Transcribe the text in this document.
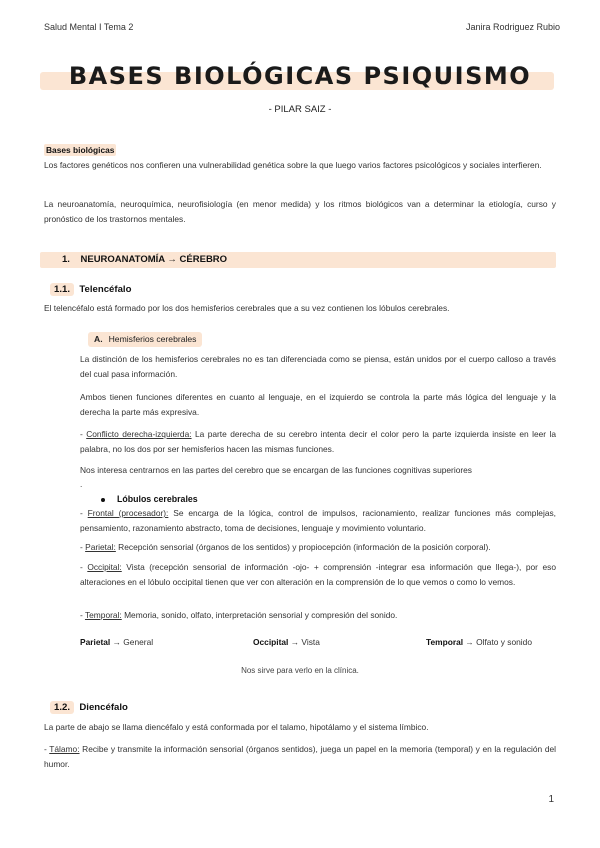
Salud Mental I Tema 2	Janira Rodriguez Rubio
BASES BIOLÓGICAS PSIQUISMO
- PILAR SAIZ -
Bases biológicas
Los factores genéticos nos confieren una vulnerabilidad genética sobre la que luego varios factores psicológicos y sociales interfieren.
La neuroanatomía, neuroquímica, neurofisiología (en menor medida) y los ritmos biológicos van a determinar la etiología, curso y pronóstico de los trastornos mentales.
1. NEUROANATOMÍA → CÉREBRO
1.1. Telencéfalo
El telencéfalo está formado por los dos hemisferios cerebrales que a su vez contienen los lóbulos cerebrales.
A. Hemisferios cerebrales
La distinción de los hemisferios cerebrales no es tan diferenciada como se piensa, están unidos por el cuerpo calloso a través del cual pasa información.
Ambos tienen funciones diferentes en cuanto al lenguaje, en el izquierdo se controla la parte más lógica del lenguaje y la derecha la parte más expresiva.
- Conflicto derecha-izquierda: La parte derecha de su cerebro intenta decir el color pero la parte izquierda insiste en leer la palabra, no los dos por ser hemisferios hacen las mismas funciones.
Nos interesa centrarnos en las partes del cerebro que se encargan de las funciones cognitivas superiores
.
Lóbulos cerebrales
- Frontal (procesador): Se encarga de la lógica, control de impulsos, racionamiento, realizar funciones más complejas, pensamiento, razonamiento abstracto, toma de decisiones, lenguaje y movimiento voluntario.
- Parietal: Recepción sensorial (órganos de los sentidos) y propiocepción (información de la posición corporal).
- Occipital: Vista (recepción sensorial de información -ojo- + comprensión -integrar esa información que llega-), por eso alteraciones en el lóbulo occipital tienen que ver con alteración en la comprensión de lo que vemos o como lo vemos.
- Temporal: Memoria, sonido, olfato, interpretación sensorial y compresión del sonido.
Parietal → General	Occipital → Vista	Temporal → Olfato y sonido
Nos sirve para verlo en la clínica.
1.2. Diencéfalo
La parte de abajo se llama diencéfalo y está conformada por el talamo, hipotálamo y el sistema límbico.
- Tálamo: Recibe y transmite la información sensorial (órganos sentidos), juega un papel en la memoria (temporal) y en la regulación del humor.
1
